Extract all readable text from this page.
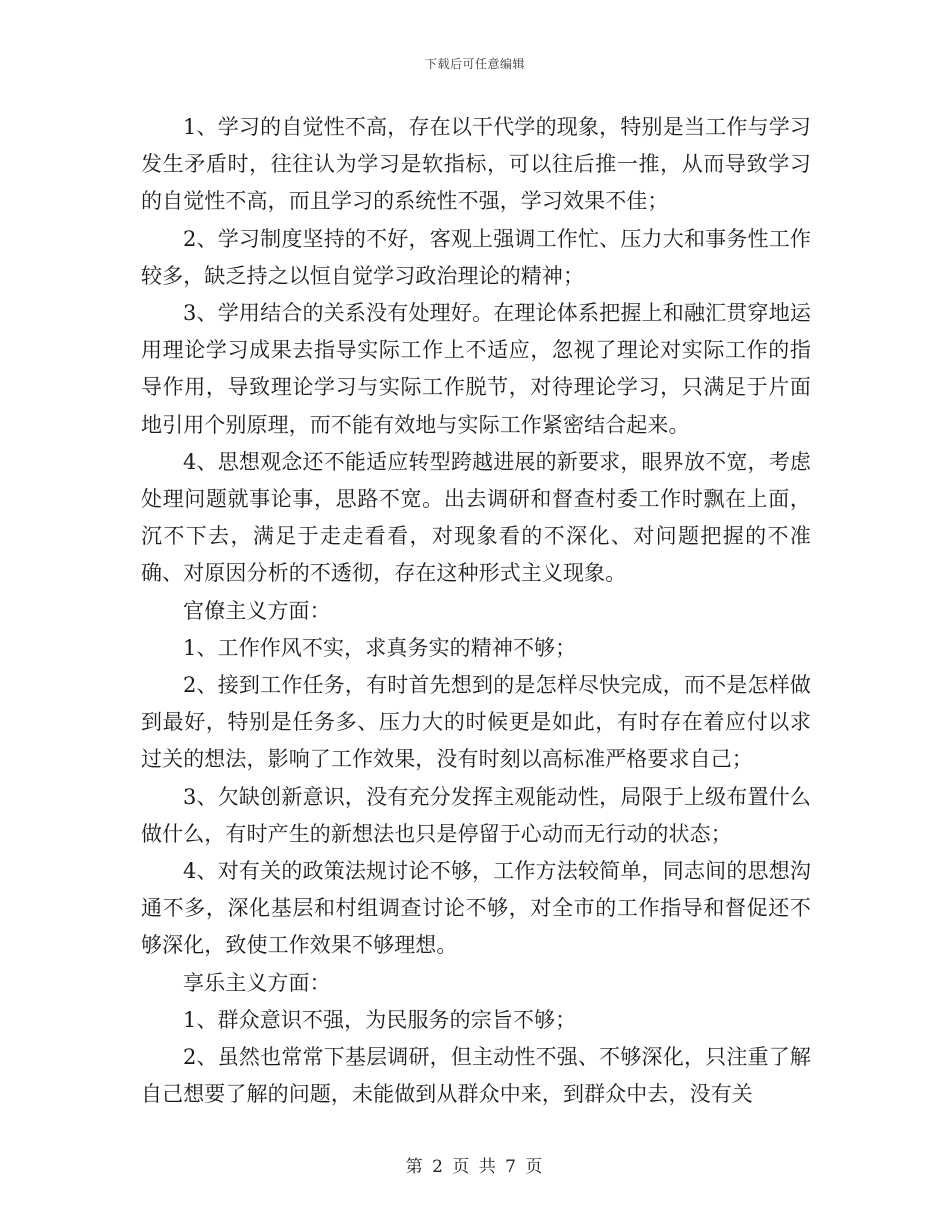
下载后可任意编辑

1、学习的自觉性不高，存在以干代学的现象，特别是当工作与学习发生矛盾时，往往认为学习是软指标，可以往后推一推，从而导致学习的自觉性不高，而且学习的系统性不强，学习效果不佳；

2、学习制度坚持的不好，客观上强调工作忙、压力大和事务性工作较多，缺乏持之以恒自觉学习政治理论的精神；

3、学用结合的关系没有处理好。在理论体系把握上和融汇贯穿地运用理论学习成果去指导实际工作上不适应，忽视了理论对实际工作的指导作用，导致理论学习与实际工作脱节，对待理论学习，只满足于片面地引用个别原理，而不能有效地与实际工作紧密结合起来。

4、思想观念还不能适应转型跨越进展的新要求，眼界放不宽，考虑处理问题就事论事，思路不宽。出去调研和督查村委工作时飘在上面，沉不下去，满足于走走看看，对现象看的不深化、对问题把握的不准确、对原因分析的不透彻，存在这种形式主义现象。

官僚主义方面：

1、工作作风不实，求真务实的精神不够；

2、接到工作任务，有时首先想到的是怎样尽快完成，而不是怎样做到最好，特别是任务多、压力大的时候更是如此，有时存在着应付以求过关的想法，影响了工作效果，没有时刻以高标准严格要求自己；

3、欠缺创新意识，没有充分发挥主观能动性，局限于上级布置什么做什么，有时产生的新想法也只是停留于心动而无行动的状态；

4、对有关的政策法规讨论不够，工作方法较简单，同志间的思想沟通不多，深化基层和村组调查讨论不够，对全市的工作指导和督促还不够深化，致使工作效果不够理想。

享乐主义方面：

1、群众意识不强，为民服务的宗旨不够；

2、虽然也常常下基层调研，但主动性不强、不够深化，只注重了解自己想要了解的问题，未能做到从群众中来，到群众中去，没有关

第 2 页 共 7 页
